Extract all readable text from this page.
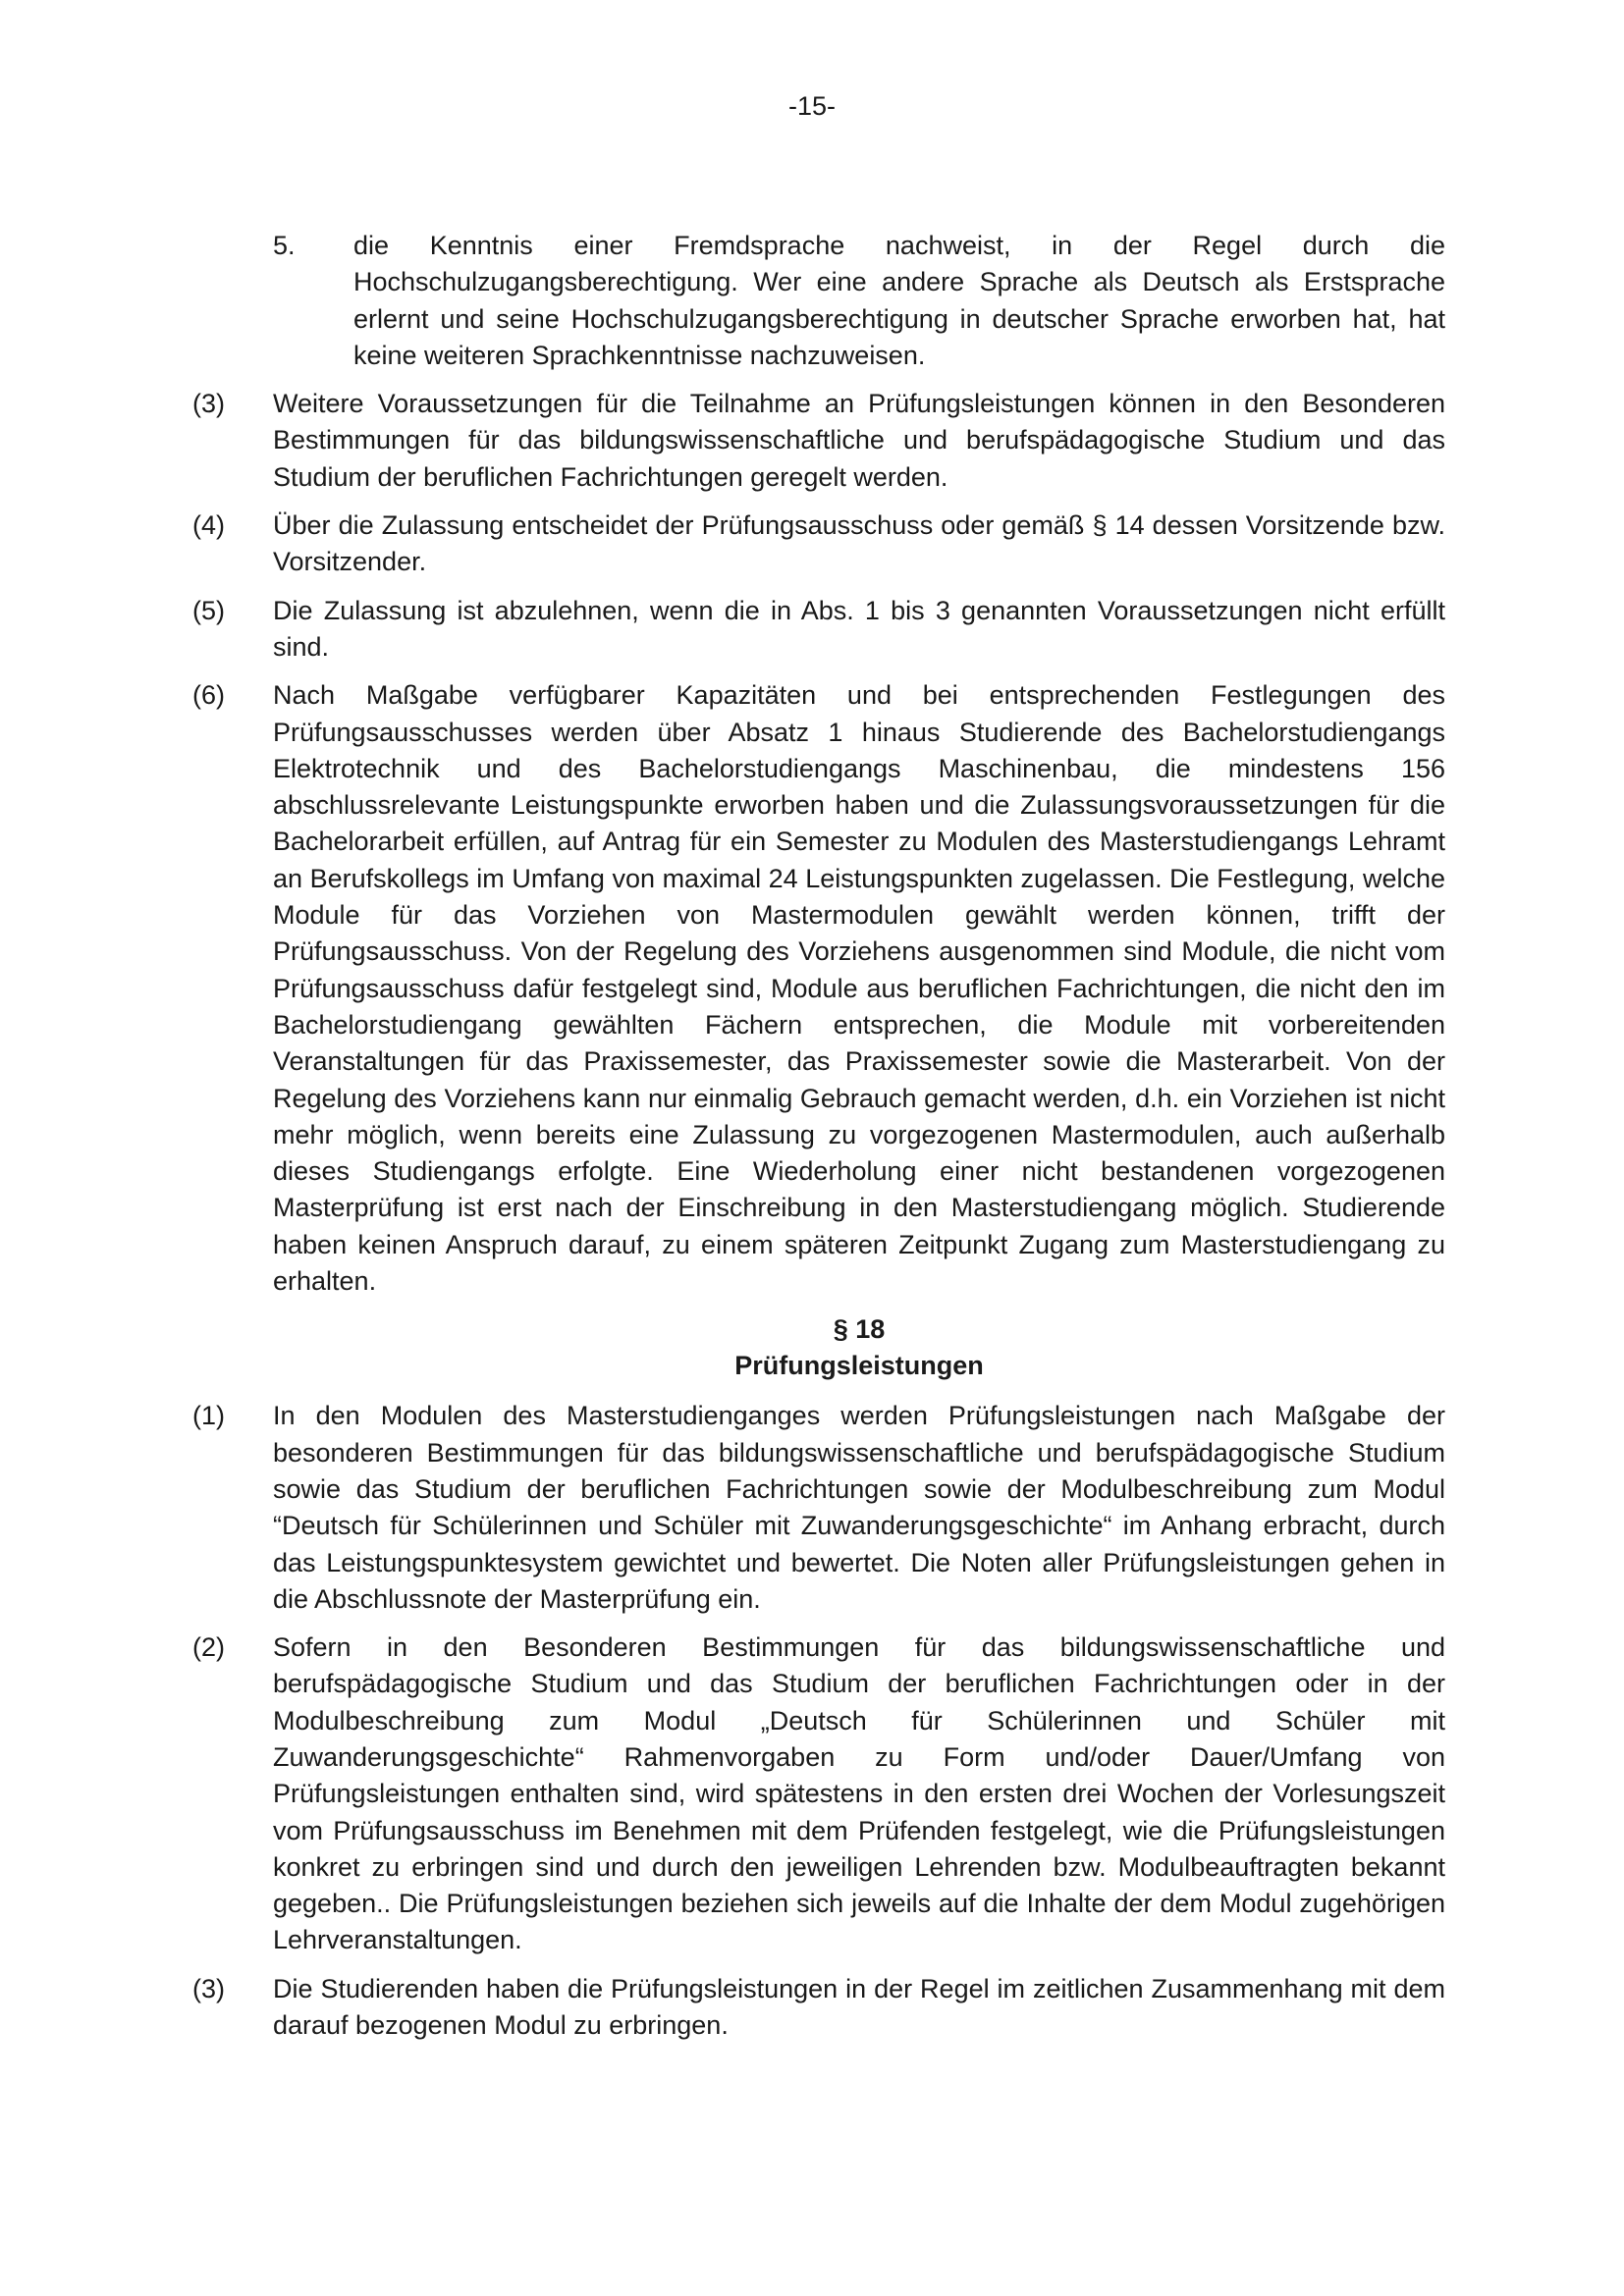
-15-
5.	die Kenntnis einer Fremdsprache nachweist, in der Regel durch die Hochschulzugangsberechtigung. Wer eine andere Sprache als Deutsch als Erstsprache erlernt und seine Hochschulzugangsberechtigung in deutscher Sprache erworben hat, hat keine weiteren Sprachkenntnisse nachzuweisen.
(3)	Weitere Voraussetzungen für die Teilnahme an Prüfungsleistungen können in den Besonderen Bestimmungen für das bildungswissenschaftliche und berufspädagogische Studium und das Studium der beruflichen Fachrichtungen geregelt werden.
(4)	Über die Zulassung entscheidet der Prüfungsausschuss oder gemäß § 14 dessen Vorsitzende bzw. Vorsitzender.
(5)	Die Zulassung ist abzulehnen, wenn die in Abs. 1 bis 3 genannten Voraussetzungen nicht erfüllt sind.
(6)	Nach Maßgabe verfügbarer Kapazitäten und bei entsprechenden Festlegungen des Prüfungsausschusses werden über Absatz 1 hinaus Studierende des Bachelorstudiengangs Elektrotechnik und des Bachelorstudiengangs Maschinenbau, die mindestens 156 abschlussrelevante Leistungspunkte erworben haben und die Zulassungsvoraussetzungen für die Bachelorarbeit erfüllen, auf Antrag für ein Semester zu Modulen des Masterstudiengangs Lehramt an Berufskollegs im Umfang von maximal 24 Leistungspunkten zugelassen. Die Festlegung, welche Module für das Vorziehen von Mastermodulen gewählt werden können, trifft der Prüfungsausschuss. Von der Regelung des Vorziehens ausgenommen sind Module, die nicht vom Prüfungsausschuss dafür festgelegt sind, Module aus beruflichen Fachrichtungen, die nicht den im Bachelorstudiengang gewählten Fächern entsprechen, die Module mit vorbereitenden Veranstaltungen für das Praxissemester, das Praxissemester sowie die Masterarbeit. Von der Regelung des Vorziehens kann nur einmalig Gebrauch gemacht werden, d.h. ein Vorziehen ist nicht mehr möglich, wenn bereits eine Zulassung zu vorgezogenen Mastermodulen, auch außerhalb dieses Studiengangs erfolgte. Eine Wiederholung einer nicht bestandenen vorgezogenen Masterprüfung ist erst nach der Einschreibung in den Masterstudiengang möglich. Studierende haben keinen Anspruch darauf, zu einem späteren Zeitpunkt Zugang zum Masterstudiengang zu erhalten.
§ 18
Prüfungsleistungen
(1)	In den Modulen des Masterstudienganges werden Prüfungsleistungen nach Maßgabe der besonderen Bestimmungen für das bildungswissenschaftliche und berufspädagogische Studium sowie das Studium der beruflichen Fachrichtungen sowie der Modulbeschreibung zum Modul “Deutsch für Schülerinnen und Schüler mit Zuwanderungsgeschichte“ im Anhang erbracht, durch das Leistungspunktesystem gewichtet und bewertet. Die Noten aller Prüfungsleistungen gehen in die Abschlussnote der Masterprüfung ein.
(2)	Sofern in den Besonderen Bestimmungen für das bildungswissenschaftliche und berufspädagogische Studium und das Studium der beruflichen Fachrichtungen oder in der Modulbeschreibung zum Modul „Deutsch für Schülerinnen und Schüler mit Zuwanderungsgeschichte“ Rahmenvorgaben zu Form und/oder Dauer/Umfang von Prüfungsleistungen enthalten sind, wird spätestens in den ersten drei Wochen der Vorlesungszeit vom Prüfungsausschuss im Benehmen mit dem Prüfenden festgelegt, wie die Prüfungsleistungen konkret zu erbringen sind und durch den jeweiligen Lehrenden bzw. Modulbeauftragten bekannt gegeben.. Die Prüfungsleistungen beziehen sich jeweils auf die Inhalte der dem Modul zugehörigen Lehrveranstaltungen.
(3)	Die Studierenden haben die Prüfungsleistungen in der Regel im zeitlichen Zusammenhang mit dem darauf bezogenen Modul zu erbringen.
